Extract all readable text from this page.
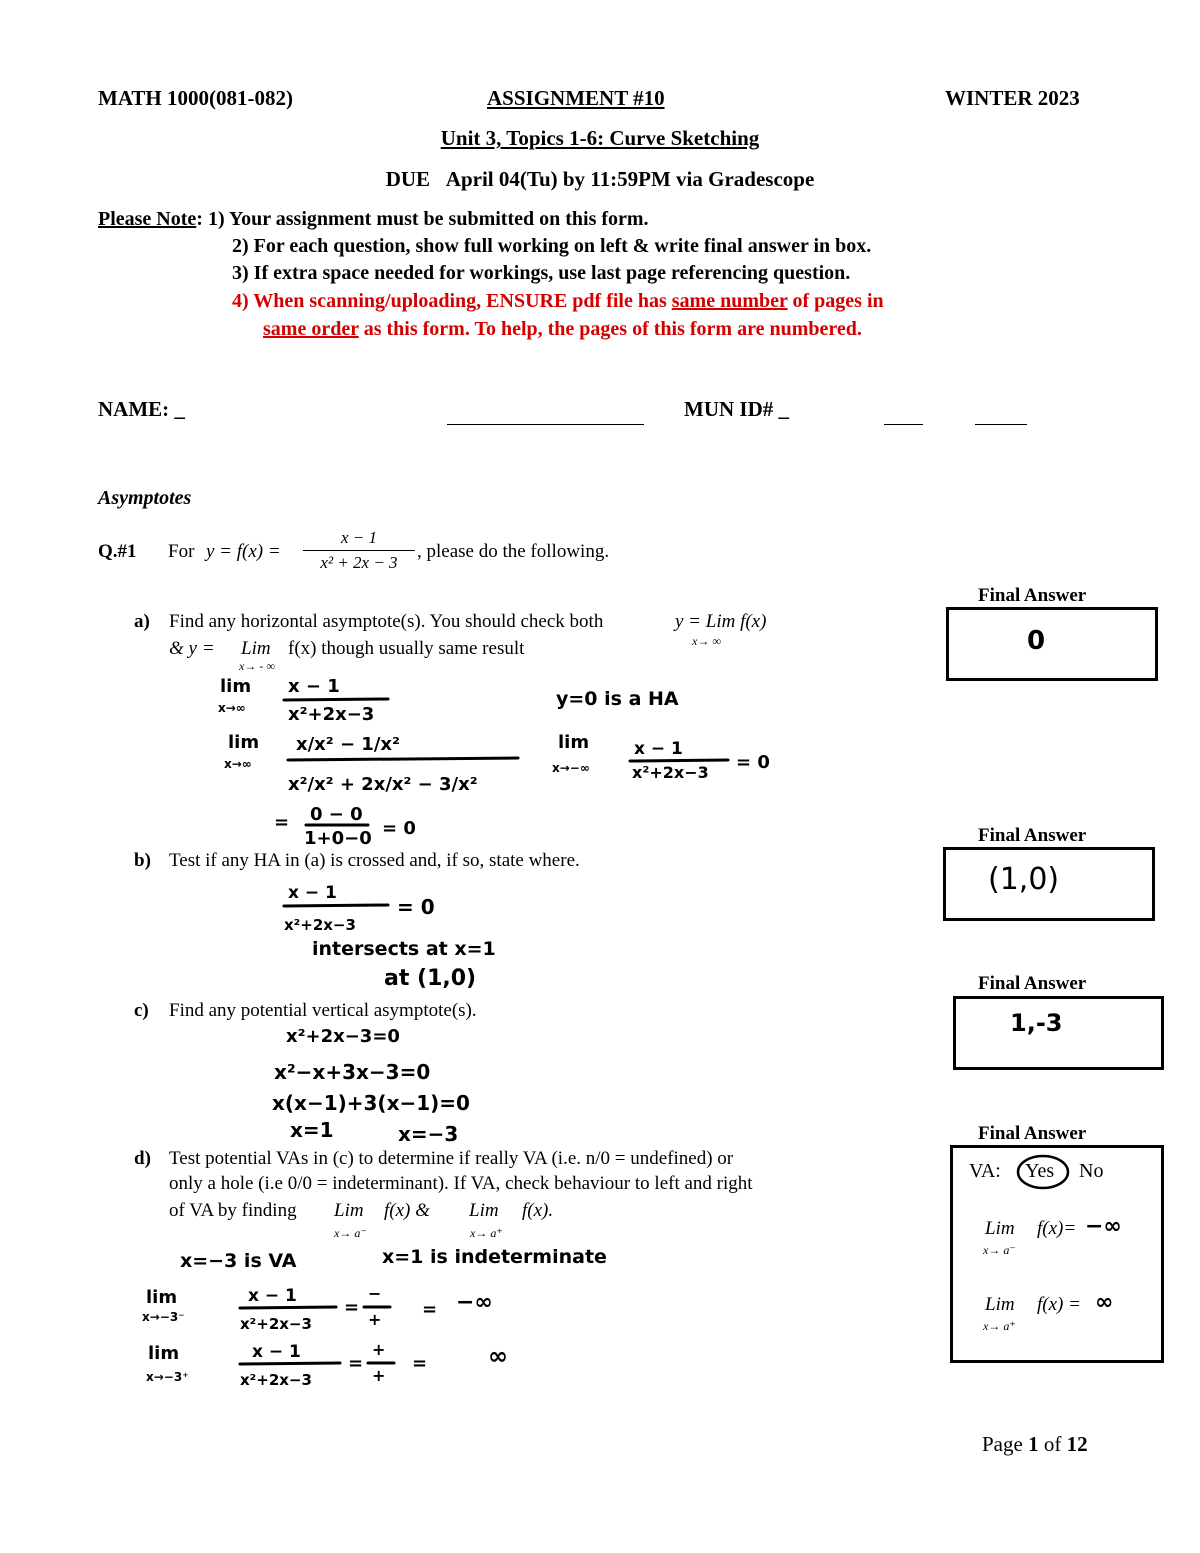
MATH 1000(081-082)	ASSIGNMENT #10	WINTER 2023
Unit 3, Topics 1-6: Curve Sketching
DUE April 04(Tu) by 11:59PM via Gradescope
Please Note: 1) Your assignment must be submitted on this form.
2) For each question, show full working on left & write final answer in box.
3) If extra space needed for workings, use last page referencing question.
4) When scanning/uploading, ENSURE pdf file has same number of pages in
same order as this form. To help, the pages of this form are numbered.
NAME: _	MUN ID# _
Asymptotes
Q.#1 For y = f(x) =
x − 1
x² + 2x − 3
, please do the following.
a) Find any horizontal asymptote(s). You should check both	y = Lim f(x)
x→ ∞
& y = Lim
x→ - ∞
f(x) though usually same result
Final Answer
0
lim
x→∞
x − 1
x²+2x−3
lim
x→∞
x/x² − 1/x²
x²/x² + 2x/x² − 3/x²
= 0 − 0
1+0−0 = 0
y=0 is a HA
lim
x→−∞
x − 1
x²+2x−3 = 0
b) Test if any HA in (a) is crossed and, if so, state where.
Final Answer
(1,0)
x − 1
x²+2x−3
= 0
intersects at x=1
at (1,0)
c) Find any potential vertical asymptote(s).
Final Answer
1,-3
x²+2x−3=0
x²−x+3x−3=0
x(x−1)+3(x−1)=0
x=1	x=−3
d) Test potential VAs in (c) to determine if really VA (i.e. n/0 = undefined) or
only a hole (i.e 0/0 = indeterminant). If VA, check behaviour to left and right
of VA by finding Lim
x→ a⁻
f(x) & Lim
x→ a⁺
f(x).
Final Answer
VA: Yes No
Lim
x→ a⁻
f(x)= −∞
Lim
x→ a⁺
f(x) = ∞
x=−3 is VA	x=1 is indeterminate
lim
x→−3⁻
x − 1
x²+2x−3
=
−
+ =
lim
x→−3⁺
x − 1
x²+2x−3
=
+
+
=
−∞
∞
Page 1 of 12
